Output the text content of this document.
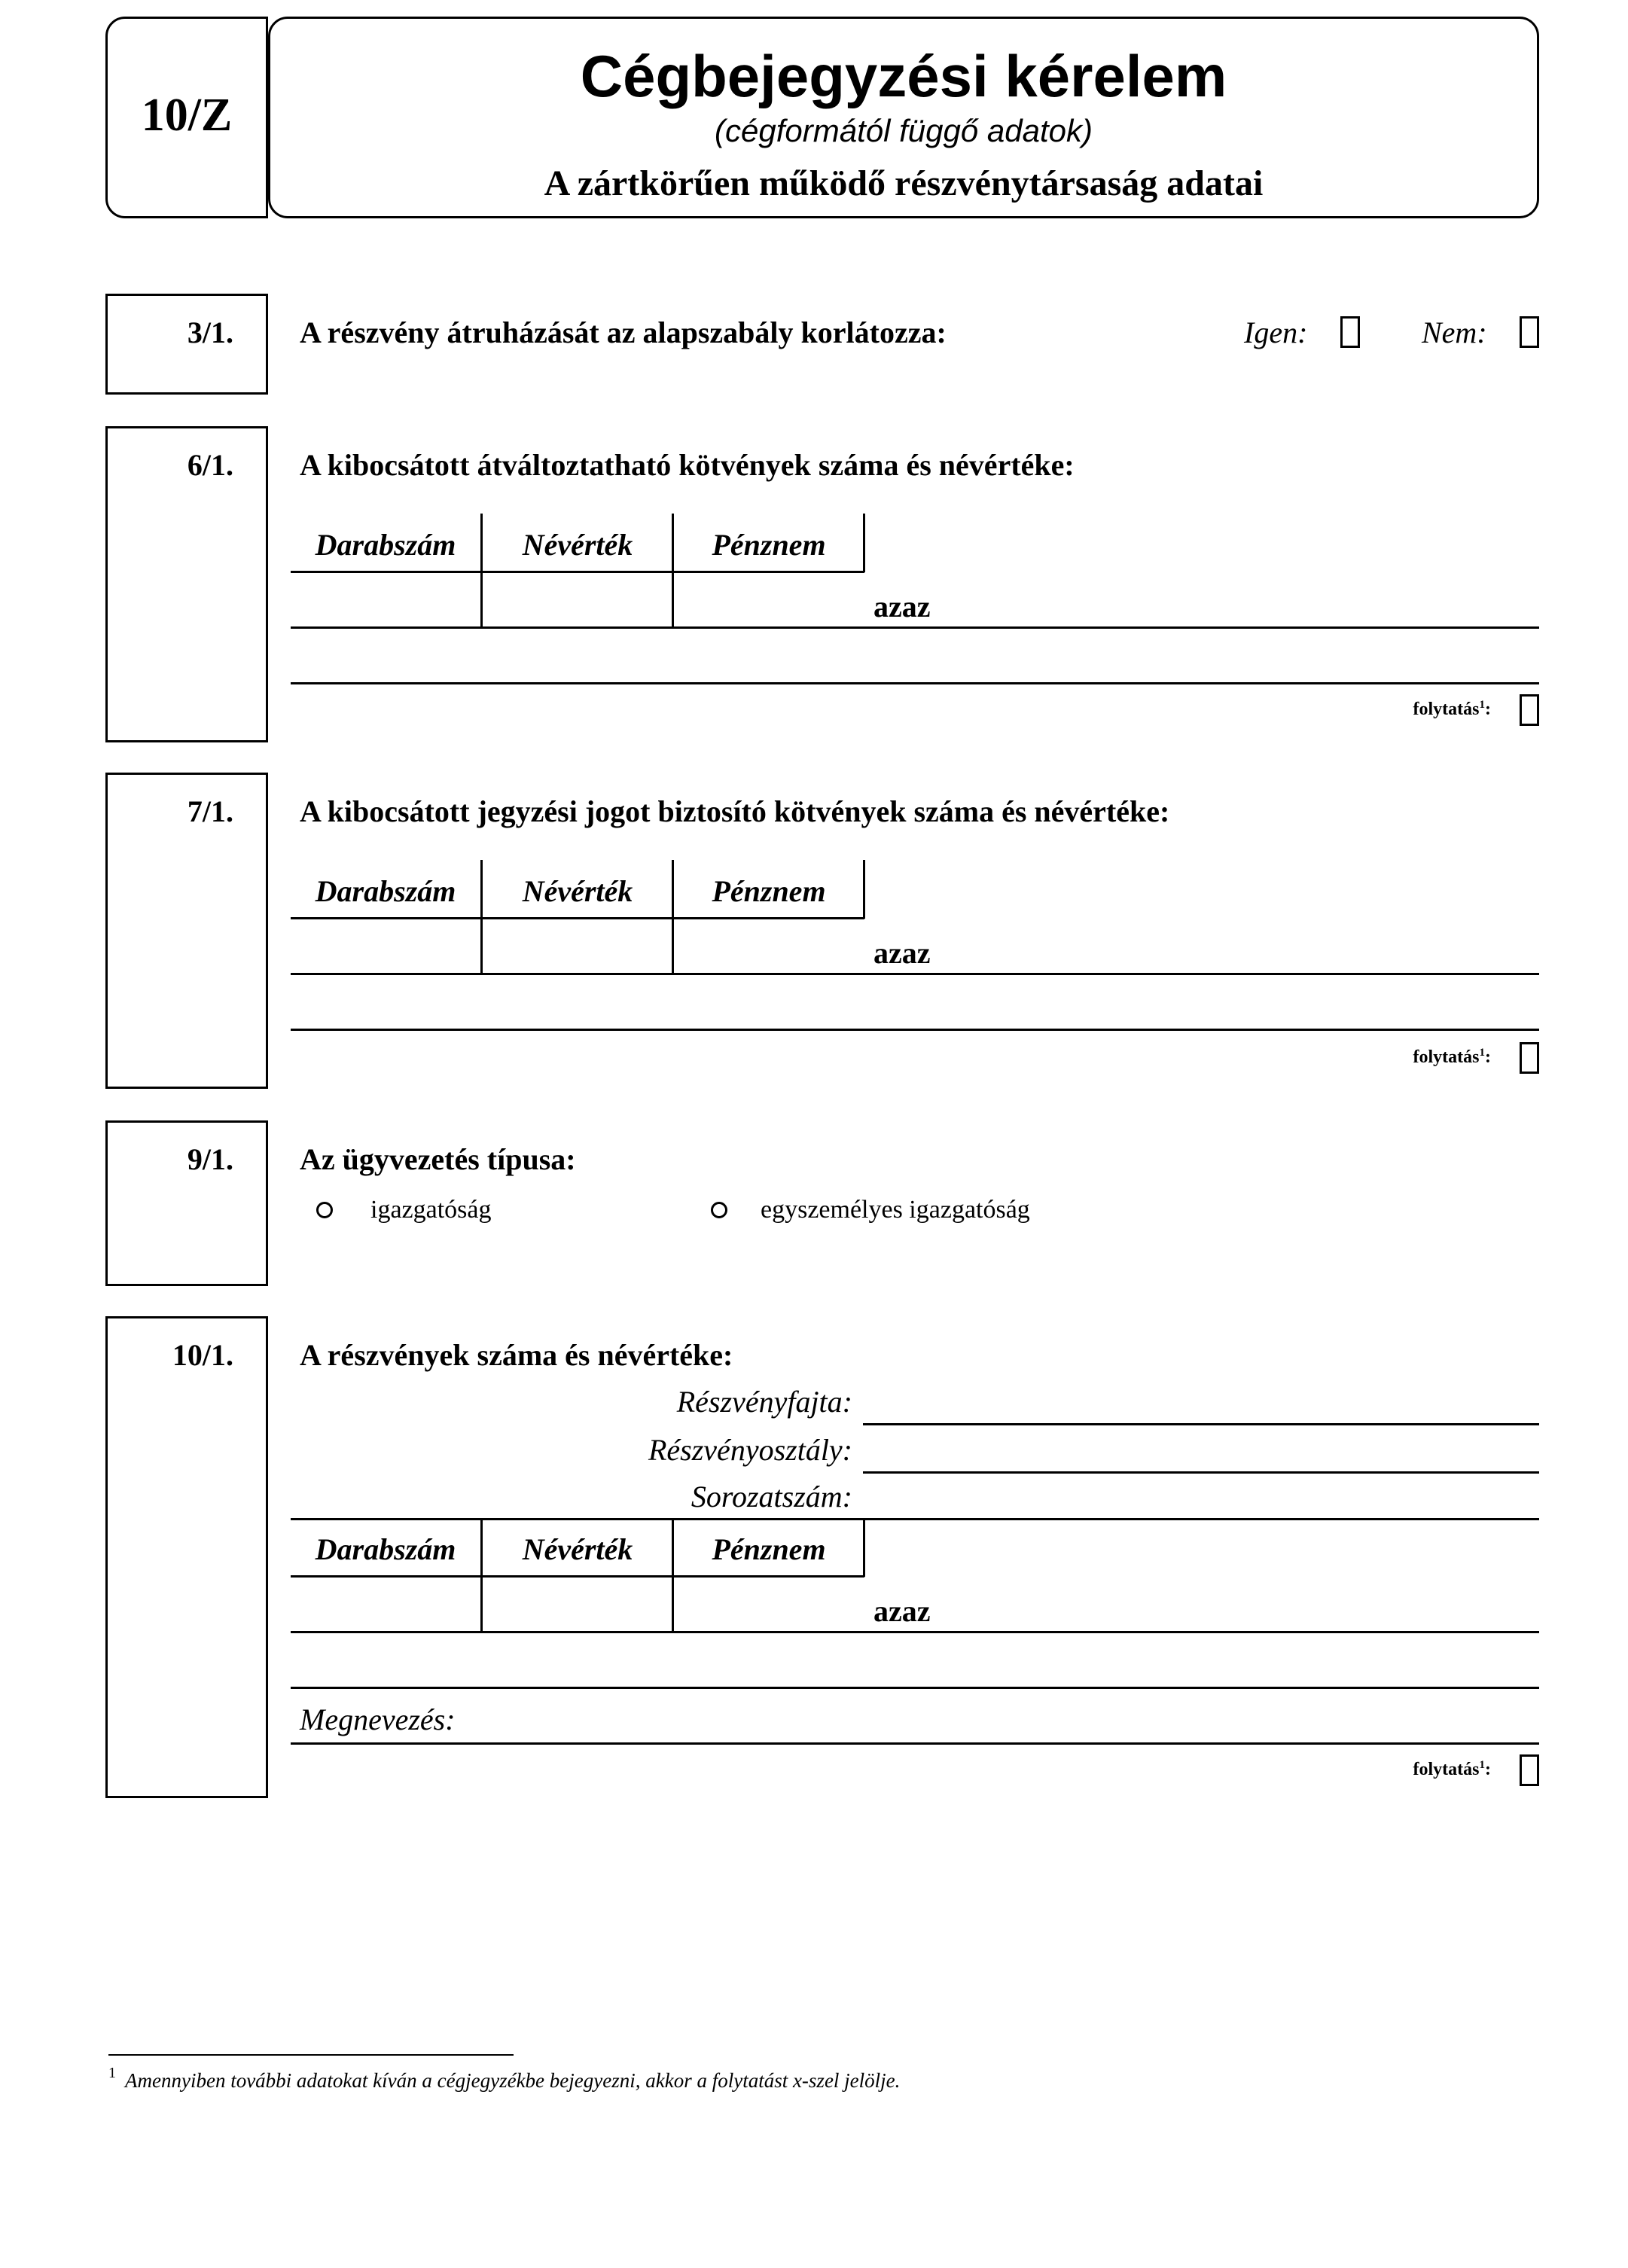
10/Z
Cégbejegyzési kérelem
(cégformától függő adatok)
A zártkörűen működő részvénytársaság adatai
3/1. A részvény átruházását az alapszabály korlátozza:	Igen:	Nem:
6/1. A kibocsátott átváltoztatható kötvények száma és névértéke:
Darabszám	Névérték	Pénznem
azaz
folytatás$^1$:
7/1. A kibocsátott jegyzési jogot biztosító kötvények száma és névértéke:
Darabszám	Névérték	Pénznem
azaz
folytatás$^1$:
9/1. Az ügyvezetés típusa:
igazgatóság	egyszemélyes igazgatóság
10/1. A részvények száma és névértéke:
Részvényfajta:
Részvényosztály:
Sorozatszám:
Darabszám	Névérték	Pénznem
azaz
Megnevezés:
folytatás$^1$:
1 Amennyiben további adatokat kíván a cégjegyzékbe bejegyezni, akkor a folytatást x-szel jelölje.
